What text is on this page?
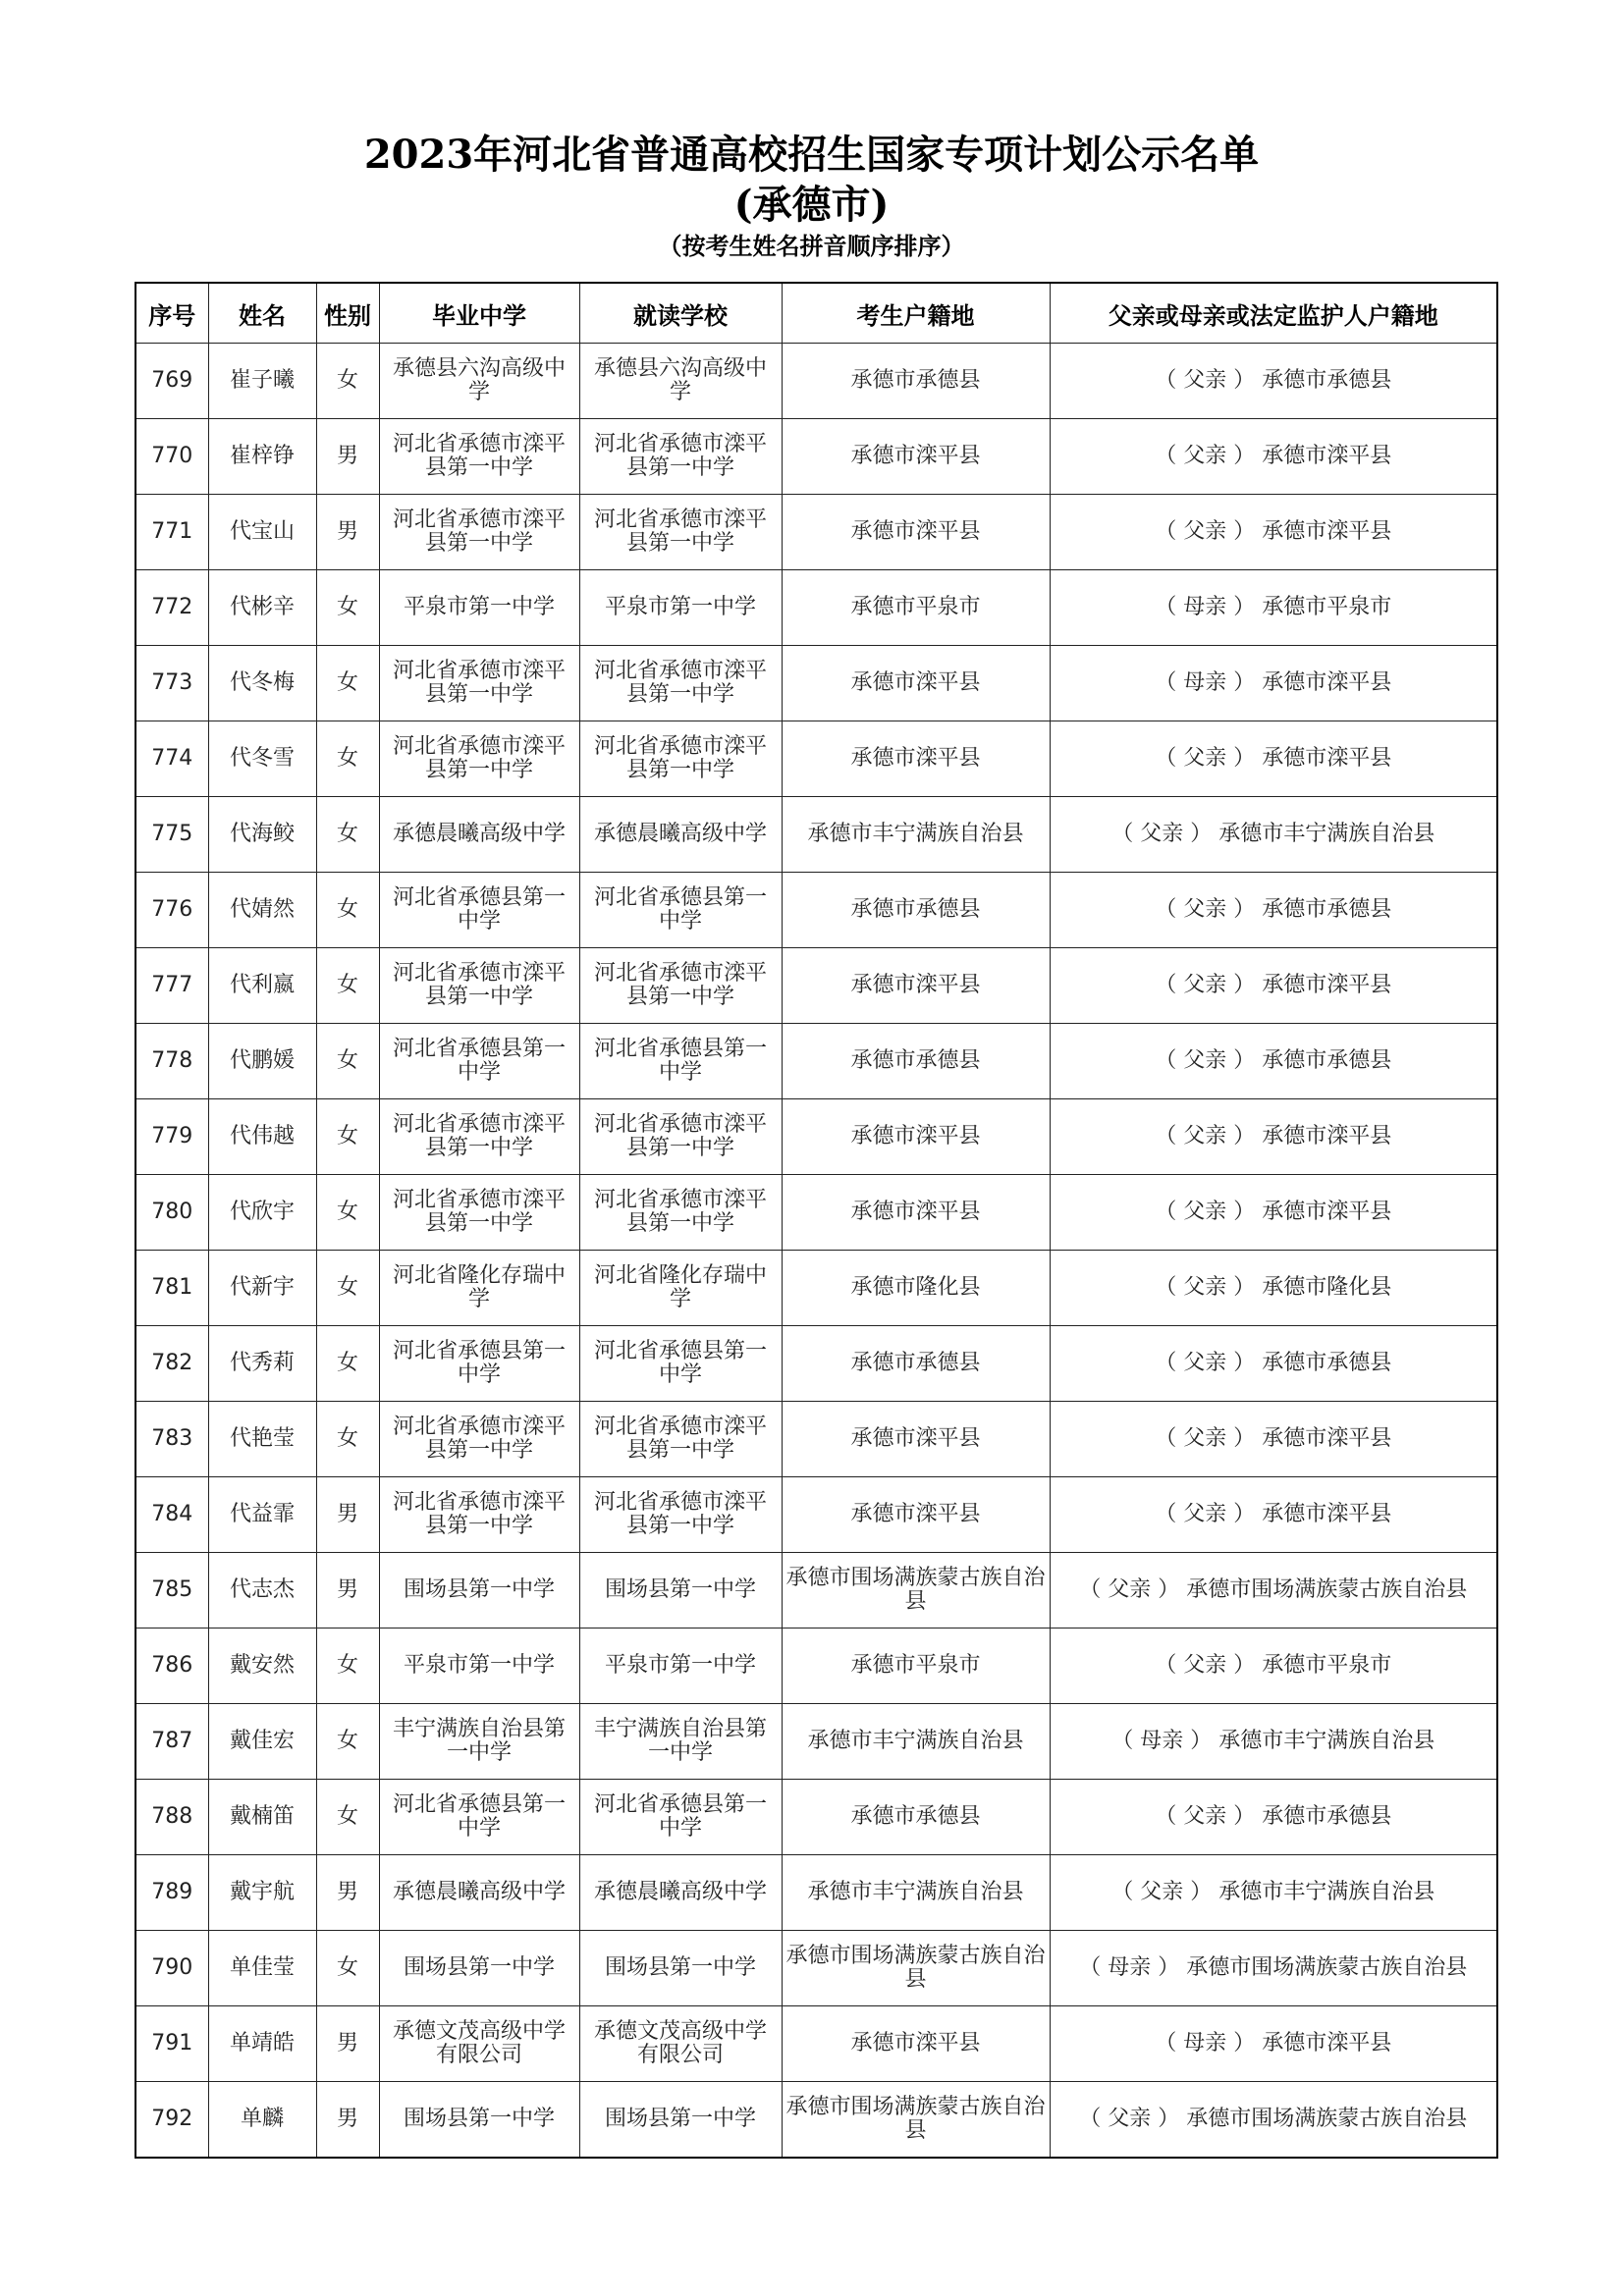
2023年河北省普通高校招生国家专项计划公示名单
(承德市)
（按考生姓名拼音顺序排序）
序号	姓名	性别	毕业中学	就读学校	考生户籍地	父亲或母亲或法定监护人户籍地
769	崔子曦	女	承德县六沟高级中学	承德县六沟高级中学	承德市承德县	（ 父亲 ） 承德市承德县
770	崔梓铮	男	河北省承德市滦平县第一中学	河北省承德市滦平县第一中学	承德市滦平县	（ 父亲 ） 承德市滦平县
771	代宝山	男	河北省承德市滦平县第一中学	河北省承德市滦平县第一中学	承德市滦平县	（ 父亲 ） 承德市滦平县
772	代彬辛	女	平泉市第一中学	平泉市第一中学	承德市平泉市	（ 母亲 ） 承德市平泉市
773	代冬梅	女	河北省承德市滦平县第一中学	河北省承德市滦平县第一中学	承德市滦平县	（ 母亲 ） 承德市滦平县
774	代冬雪	女	河北省承德市滦平县第一中学	河北省承德市滦平县第一中学	承德市滦平县	（ 父亲 ） 承德市滦平县
775	代海鲛	女	承德晨曦高级中学	承德晨曦高级中学	承德市丰宁满族自治县	（ 父亲 ） 承德市丰宁满族自治县
776	代婧然	女	河北省承德县第一中学	河北省承德县第一中学	承德市承德县	（ 父亲 ） 承德市承德县
777	代利嬴	女	河北省承德市滦平县第一中学	河北省承德市滦平县第一中学	承德市滦平县	（ 父亲 ） 承德市滦平县
778	代鹏媛	女	河北省承德县第一中学	河北省承德县第一中学	承德市承德县	（ 父亲 ） 承德市承德县
779	代伟越	女	河北省承德市滦平县第一中学	河北省承德市滦平县第一中学	承德市滦平县	（ 父亲 ） 承德市滦平县
780	代欣宇	女	河北省承德市滦平县第一中学	河北省承德市滦平县第一中学	承德市滦平县	（ 父亲 ） 承德市滦平县
781	代新宇	女	河北省隆化存瑞中学	河北省隆化存瑞中学	承德市隆化县	（ 父亲 ） 承德市隆化县
782	代秀莉	女	河北省承德县第一中学	河北省承德县第一中学	承德市承德县	（ 父亲 ） 承德市承德县
783	代艳莹	女	河北省承德市滦平县第一中学	河北省承德市滦平县第一中学	承德市滦平县	（ 父亲 ） 承德市滦平县
784	代益霏	男	河北省承德市滦平县第一中学	河北省承德市滦平县第一中学	承德市滦平县	（ 父亲 ） 承德市滦平县
785	代志杰	男	围场县第一中学	围场县第一中学	承德市围场满族蒙古族自治县	（ 父亲 ） 承德市围场满族蒙古族自治县
786	戴安然	女	平泉市第一中学	平泉市第一中学	承德市平泉市	（ 父亲 ） 承德市平泉市
787	戴佳宏	女	丰宁满族自治县第一中学	丰宁满族自治县第一中学	承德市丰宁满族自治县	（ 母亲 ） 承德市丰宁满族自治县
788	戴楠笛	女	河北省承德县第一中学	河北省承德县第一中学	承德市承德县	（ 父亲 ） 承德市承德县
789	戴宇航	男	承德晨曦高级中学	承德晨曦高级中学	承德市丰宁满族自治县	（ 父亲 ） 承德市丰宁满族自治县
790	单佳莹	女	围场县第一中学	围场县第一中学	承德市围场满族蒙古族自治县	（ 母亲 ） 承德市围场满族蒙古族自治县
791	单靖皓	男	承德文茂高级中学有限公司	承德文茂高级中学有限公司	承德市滦平县	（ 母亲 ） 承德市滦平县
792	单麟	男	围场县第一中学	围场县第一中学	承德市围场满族蒙古族自治县	（ 父亲 ） 承德市围场满族蒙古族自治县
